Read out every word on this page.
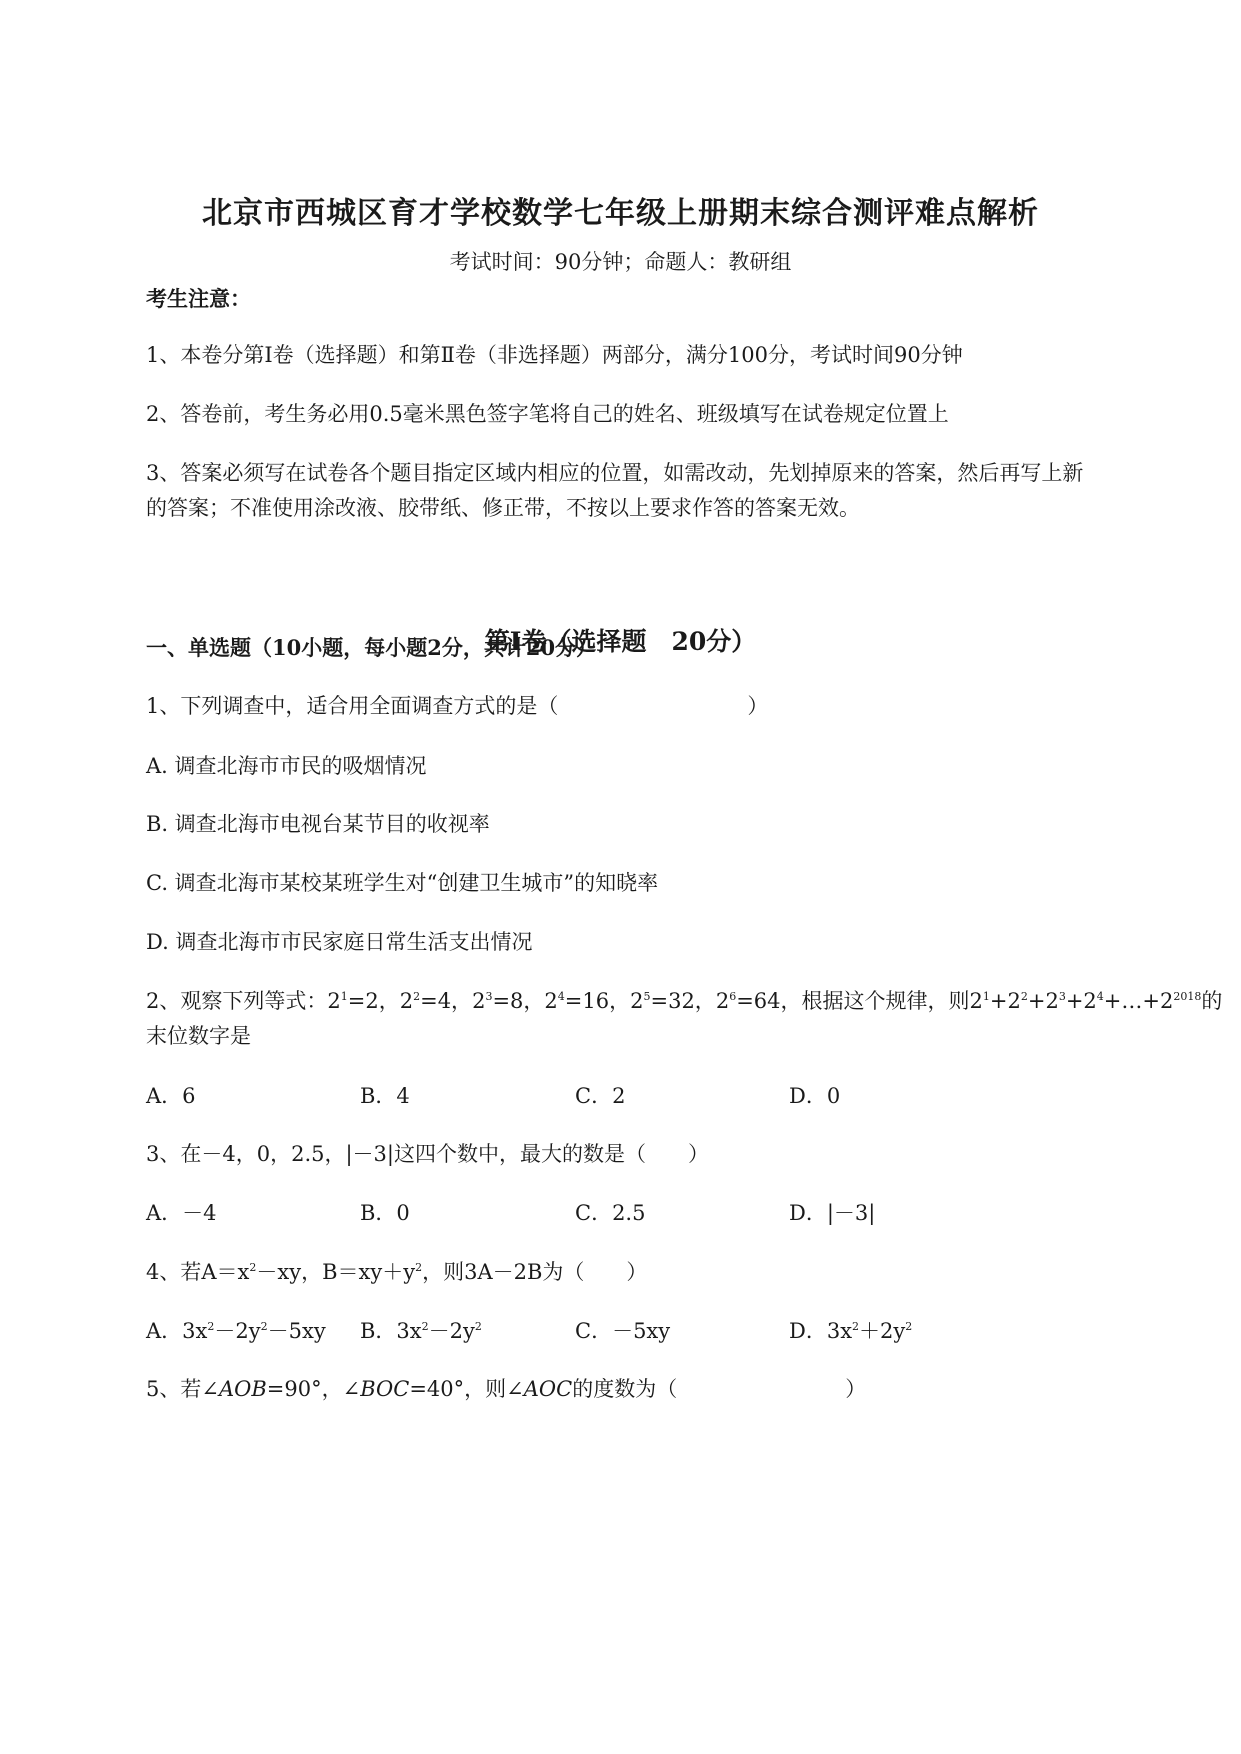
北京市西城区育才学校数学七年级上册期末综合测评难点解析
考试时间：90分钟；命题人：教研组
考生注意：
1、本卷分第Ⅰ卷（选择题）和第Ⅱ卷（非选择题）两部分，满分100分，考试时间90分钟
2、答卷前，考生务必用0.5毫米黑色签字笔将自己的姓名、班级填写在试卷规定位置上
3、答案必须写在试卷各个题目指定区域内相应的位置，如需改动，先划掉原来的答案，然后再写上新
的答案；不准使用涂改液、胶带纸、修正带，不按以上要求作答的答案无效。
第Ⅰ卷（选择题　20分）
一、单选题（10小题，每小题2分，共计20分）
1、下列调查中，适合用全面调查方式的是（　　　　　　　　　）
A. 调查北海市市民的吸烟情况
B. 调查北海市电视台某节目的收视率
C. 调查北海市某校某班学生对“创建卫生城市”的知晓率
D. 调查北海市市民家庭日常生活支出情况
2、观察下列等式：$2^1=2$，$2^2=4$，$2^3=8$，$2^4=16$，$2^5=32$，$2^6=64$，根据这个规律，则$2^1+2^2+2^3+2^4+\dots+2^{2018}$的
末位数字是
A．6	B．4	C．2	D．0
3、在－4，0，2.5，|－3|这四个数中，最大的数是（　　）
A．－4	B．0	C．2.5	D．|－3|
4、若$A=x^2-xy$，$B=xy+y^2$，则3A－2B为（　　）
A．$3x^2-2y^2-5xy$ B．$3x^2-2y^2$	C．－5xy	D．$3x^2+2y^2$
5、若∠AOB=90°，∠BOC=40°，则∠AOC的度数为（　　　　　　　　）
